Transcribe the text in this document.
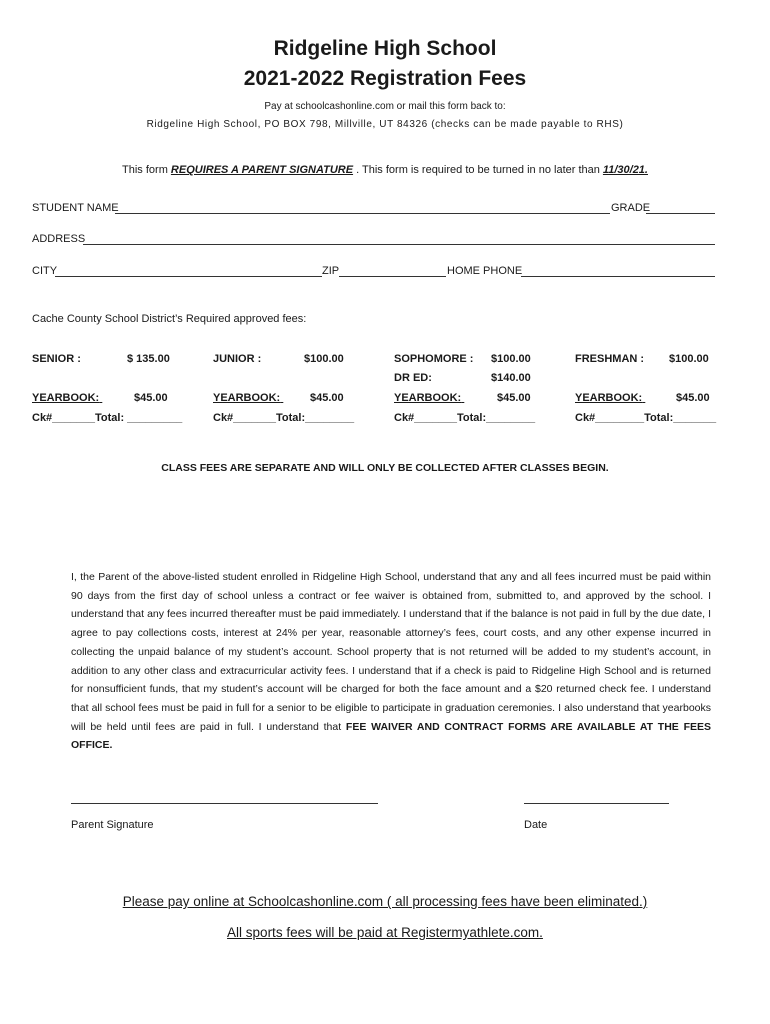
Ridgeline High School
2021-2022 Registration Fees
Pay at schoolcashonline.com or mail this form back to:
Ridgeline High School, PO BOX 798, Millville, UT 84326 (checks can be made payable to RHS)
This form REQUIRES A PARENT SIGNATURE . This form is required to be turned in no later than 11/30/21.
STUDENT NAME	GRADE
ADDRESS
CITY	ZIP	HOME PHONE
Cache County School District’s Required approved fees:
SENIOR :	$ 135.00
YEARBOOK:	$45.00

Ck#_______Total: _________
JUNIOR :	$100.00
YEARBOOK:	$45.00

Ck#_______Total:________
SOPHOMORE : $100.00
DR ED:	$140.00
YEARBOOK:	$45.00

Ck#_______Total:________
FRESHMAN : $100.00
YEARBOOK:	$45.00

Ck#________Total:_______
CLASS FEES ARE SEPARATE AND WILL ONLY BE COLLECTED AFTER CLASSES BEGIN.
I, the Parent of the above-listed student enrolled in Ridgeline High School, understand that any and all fees incurred must be paid within 90 days from the first day of school unless a contract or fee waiver is obtained from, submitted to, and approved by the school. I understand that any fees incurred thereafter must be paid immediately. I understand that if the balance is not paid in full by the due date, I agree to pay collections costs, interest at 24% per year, reasonable attorney’s fees, court costs, and any other expense incurred in collecting the unpaid balance of my student’s account. School property that is not returned will be added to my student’s account, in addition to any other class and extracurricular activity fees. I understand that if a check is paid to Ridgeline High School and is returned for nonsufficient funds, that my student’s account will be charged for both the face amount and a $20 returned check fee. I understand that all school fees must be paid in full for a senior to be eligible to participate in graduation ceremonies. I also understand that yearbooks will be held until fees are paid in full. I understand that FEE WAIVER AND CONTRACT FORMS ARE AVAILABLE AT THE FEES OFFICE.
Parent Signature	Date
Please pay online at Schoolcashonline.com ( all processing fees have been eliminated.)
All sports fees will be paid at Registermyathlete.com.
